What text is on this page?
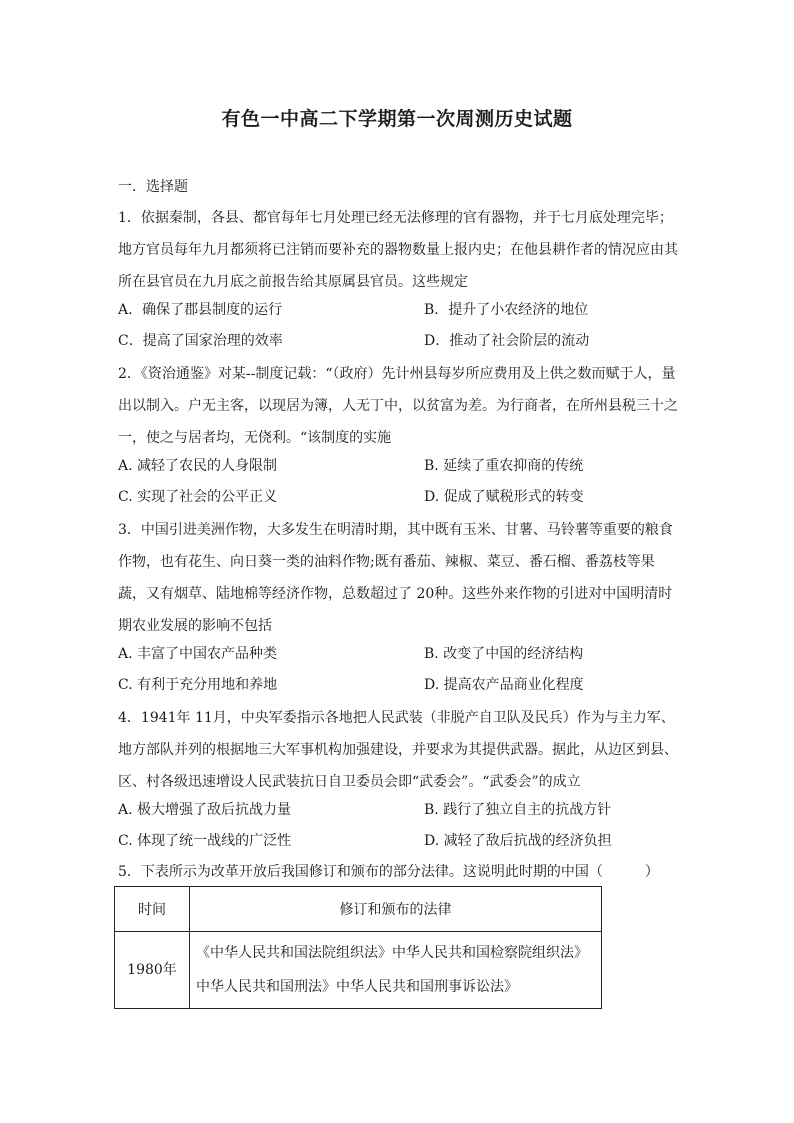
有色一中高二下学期第一次周测历史试题
一．选择题

1．依据秦制，各县、都官每年七月处理已经无法修理的官有器物，并于七月底处理完毕；地方官员每年九月都须将已注销而要补充的器物数量上报内史；在他县耕作者的情况应由其所在县官员在九月底之前报告给其原属县官员。这些规定

A．确保了郡县制度的运行	B．提升了小农经济的地位
C．提高了国家治理的效率	D．推动了社会阶层的流动

2．《资治通鉴》对某--制度记载：“（政府）先计州县每岁所应费用及上供之数而赋于人，量出以制入。户无主客，以现居为簿，人无丁中，以贫富为差。为行商者，在所州县税三十之一，使之与居者均，无侥利。“该制度的实施

A. 减轻了农民的人身限制	B. 延续了重农抑商的传统
C. 实现了社会的公平正义	D. 促成了赋税形式的转变

3．中国引进美洲作物，大多发生在明清时期，其中既有玉米、甘薯、马铃薯等重要的粮食作物，也有花生、向日葵一类的油料作物;既有番茄、辣椒、菜豆、番石榴、番荔枝等果蔬，又有烟草、陆地棉等经济作物，总数超过了 20种。这些外来作物的引进对中国明清时期农业发展的影响不包括

A. 丰富了中国农产品种类	B. 改变了中国的经济结构
C. 有利于充分用地和养地	D. 提高农产品商业化程度

4．1941年 11月，中央军委指示各地把人民武装（非脱产自卫队及民兵）作为与主力军、地方部队并列的根据地三大军事机构加强建设，并要求为其提供武器。据此，从边区到县、区、村各级迅速增设人民武装抗日自卫委员会即“武委会”。“武委会”的成立

A. 极大增强了敌后抗战力量	B. 践行了独立自主的抗战方针
C. 体现了统一战线的广泛性	D. 减轻了敌后抗战的经济负担

5．下表所示为改革开放后我国修订和颁布的部分法律。这说明此时期的中国（　　　）

时间	修订和颁布的法律
1980年	《中华人民共和国法院组织法》中华人民共和国检察院组织法》中华人民共和国刑法》中华人民共和国刑事诉讼法》
